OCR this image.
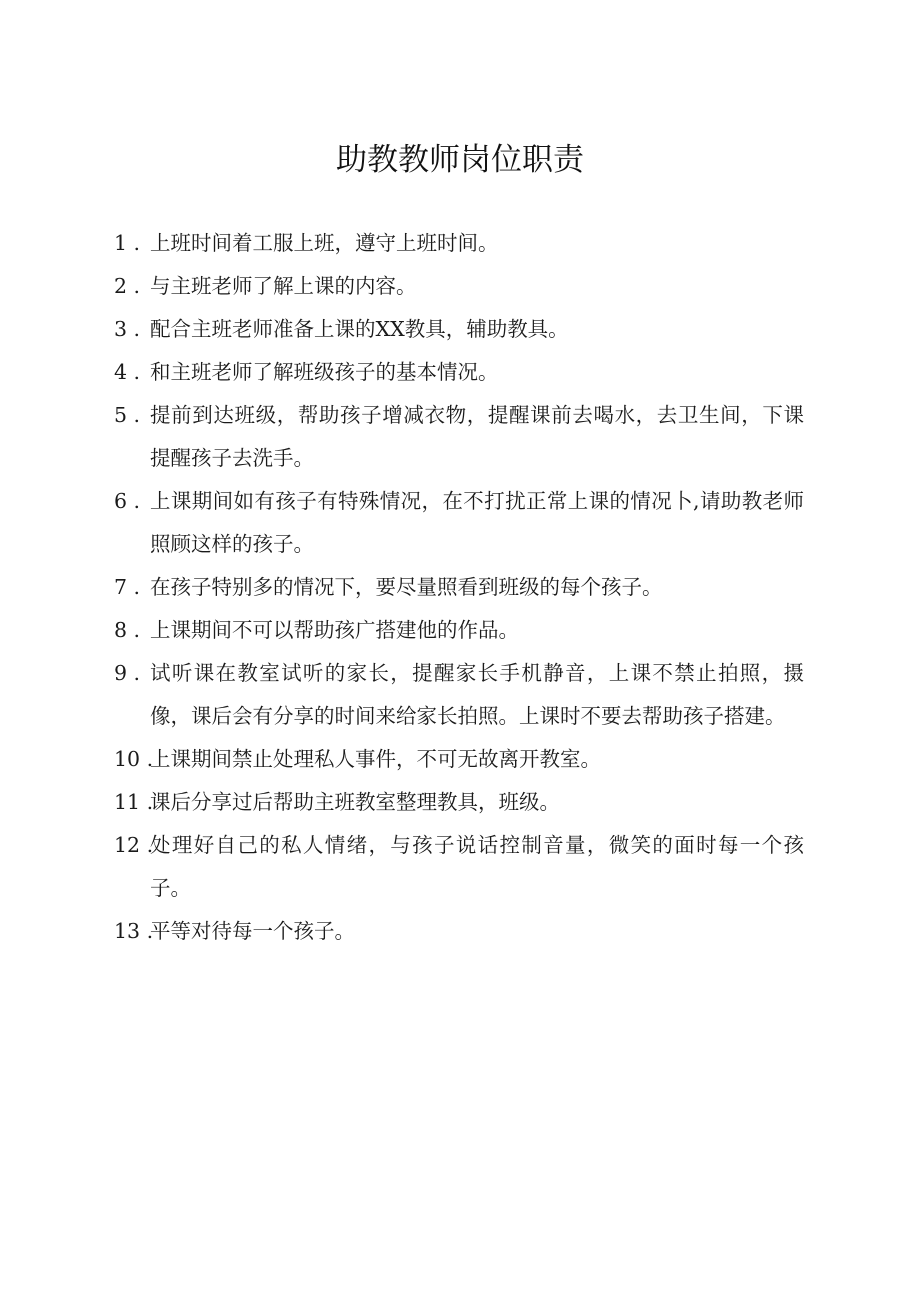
助教教师岗位职责
1 . 上班时间着工服上班，遵守上班时间。
2 . 与主班老师了解上课的内容。
3 . 配合主班老师准备上课的XX教具，辅助教具。
4 . 和主班老师了解班级孩子的基本情况。
5 . 提前到达班级，帮助孩子增减衣物，提醒课前去喝水，去卫生间，下课提醒孩子去洗手。
6 . 上课期间如有孩子有特殊情况，在不打扰正常上课的情况卜,请助教老师照顾这样的孩子。
7 . 在孩子特别多的情况下，要尽量照看到班级的每个孩子。
8 . 上课期间不可以帮助孩广搭建他的作品。
9 . 试听课在教室试听的家长，提醒家长手机静音，上课不禁止拍照，摄像，课后会有分享的时间来给家长拍照。上课时不要去帮助孩子搭建。
10 .
上课期间禁止处理私人事件，不可无故离开教室。
11 .
课后分享过后帮助主班教室整理教具，班级。
12 .
处理好自己的私人情绪，与孩子说话控制音量，微笑的面时每一个孩子。
13 .
平等对待每一个孩子。
